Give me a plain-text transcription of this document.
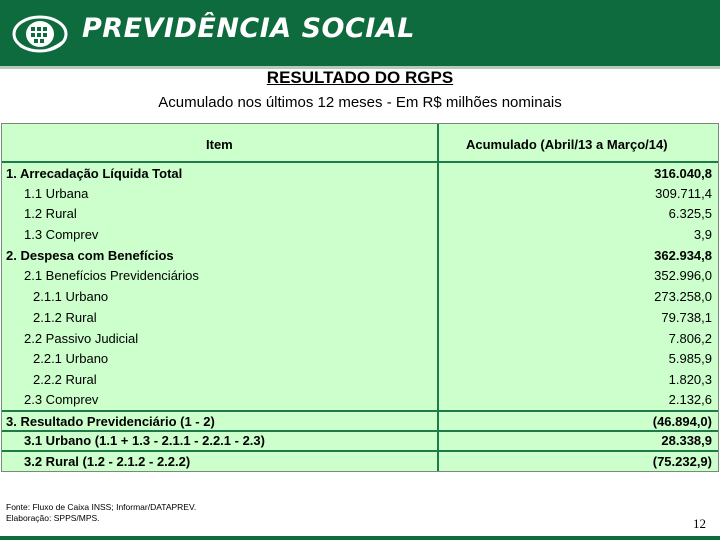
PREVIDÊNCIA SOCIAL
RESULTADO DO RGPS
Acumulado nos últimos 12 meses - Em R$ milhões nominais
Item	Acumulado (Abril/13 a Março/14)
1. Arrecadação Líquida Total	316.040,8
1.1 Urbana	309.711,4
1.2 Rural	6.325,5
1.3 Comprev	3,9
2. Despesa com Benefícios	362.934,8
2.1 Benefícios Previdenciários	352.996,0
2.1.1 Urbano	273.258,0
2.1.2 Rural	79.738,1
2.2 Passivo Judicial	7.806,2
2.2.1 Urbano	5.985,9
2.2.2 Rural	1.820,3
2.3 Comprev	2.132,6
3. Resultado Previdenciário (1 - 2)	(46.894,0)
3.1 Urbano (1.1 + 1.3 - 2.1.1 - 2.2.1 - 2.3)	28.338,9
3.2 Rural (1.2 - 2.1.2 - 2.2.2)	(75.232,9)
Fonte: Fluxo de Caixa INSS; Informar/DATAPREV.
Elaboração: SPPS/MPS.	12
